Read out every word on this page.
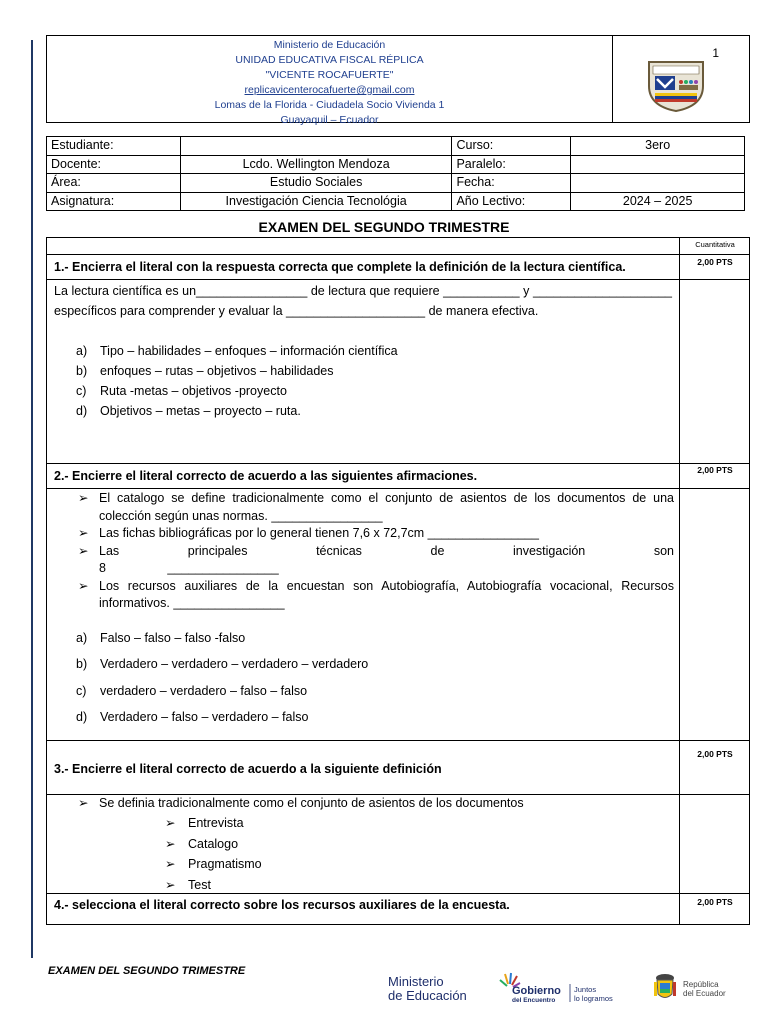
Ministerio de Educación
UNIDAD EDUCATIVA FISCAL RÉPLICA
"VICENTE ROCAFUERTE"
replicavicenterocafuerte@gmail.com
Lomas de la Florida - Ciudadela Socio Vivienda 1
Guayaquil – Ecuador
1
Estudiante:		Curso:	3ero
Docente:	Lcdo. Wellington Mendoza	Paralelo:	
Área:	Estudio Sociales	Fecha:	
Asignatura:	Investigación Ciencia Tecnológia	Año Lectivo:	2024 – 2025
EXAMEN DEL SEGUNDO TRIMESTRE
Cuantitativa
1.- Encierra el literal con la respuesta correcta que complete la definición de la lectura científica.	2,00 PTS
La lectura científica es un________________ de lectura que requiere ___________ y ____________________ específicos para comprender y evaluar la ____________________ de manera efectiva.
a)	Tipo – habilidades – enfoques – información científica
b)	enfoques – rutas – objetivos – habilidades
c)	Ruta -metas – objetivos -proyecto
d)	Objetivos – metas – proyecto – ruta.
2.- Encierre el literal correcto de acuerdo a las siguientes afirmaciones.	2,00 PTS
➢ El catalogo se define tradicionalmente como el conjunto de asientos de los documentos de una colección según unas normas. ________________
➢ Las fichas bibliográficas por lo general tienen 7,6 x 72,7cm ________________
➢ Las principales técnicas de investigación son 8 ________________
➢ Los recursos auxiliares de la encuestan son Autobiografía, Autobiografía vocacional, Recursos informativos. ________________
a)	Falso – falso – falso -falso
b)	Verdadero – verdadero – verdadero – verdadero
c)	verdadero – verdadero – falso – falso
d)	Verdadero – falso – verdadero – falso
3.- Encierre el literal correcto de acuerdo a la siguiente definición
2,00 PTS
➢ Se definia tradicionalmente como el conjunto de asientos de los documentos
➢	Entrevista
➢	Catalogo
➢	Pragmatismo
➢	Test
4.- selecciona el literal correcto sobre los recursos auxiliares de la encuesta.	2,00 PTS
EXAMEN DEL SEGUNDO TRIMESTRE
Ministerio
de Educación	Gobierno
del Encuentro
Juntos
lo logramos
República
del Ecuador
